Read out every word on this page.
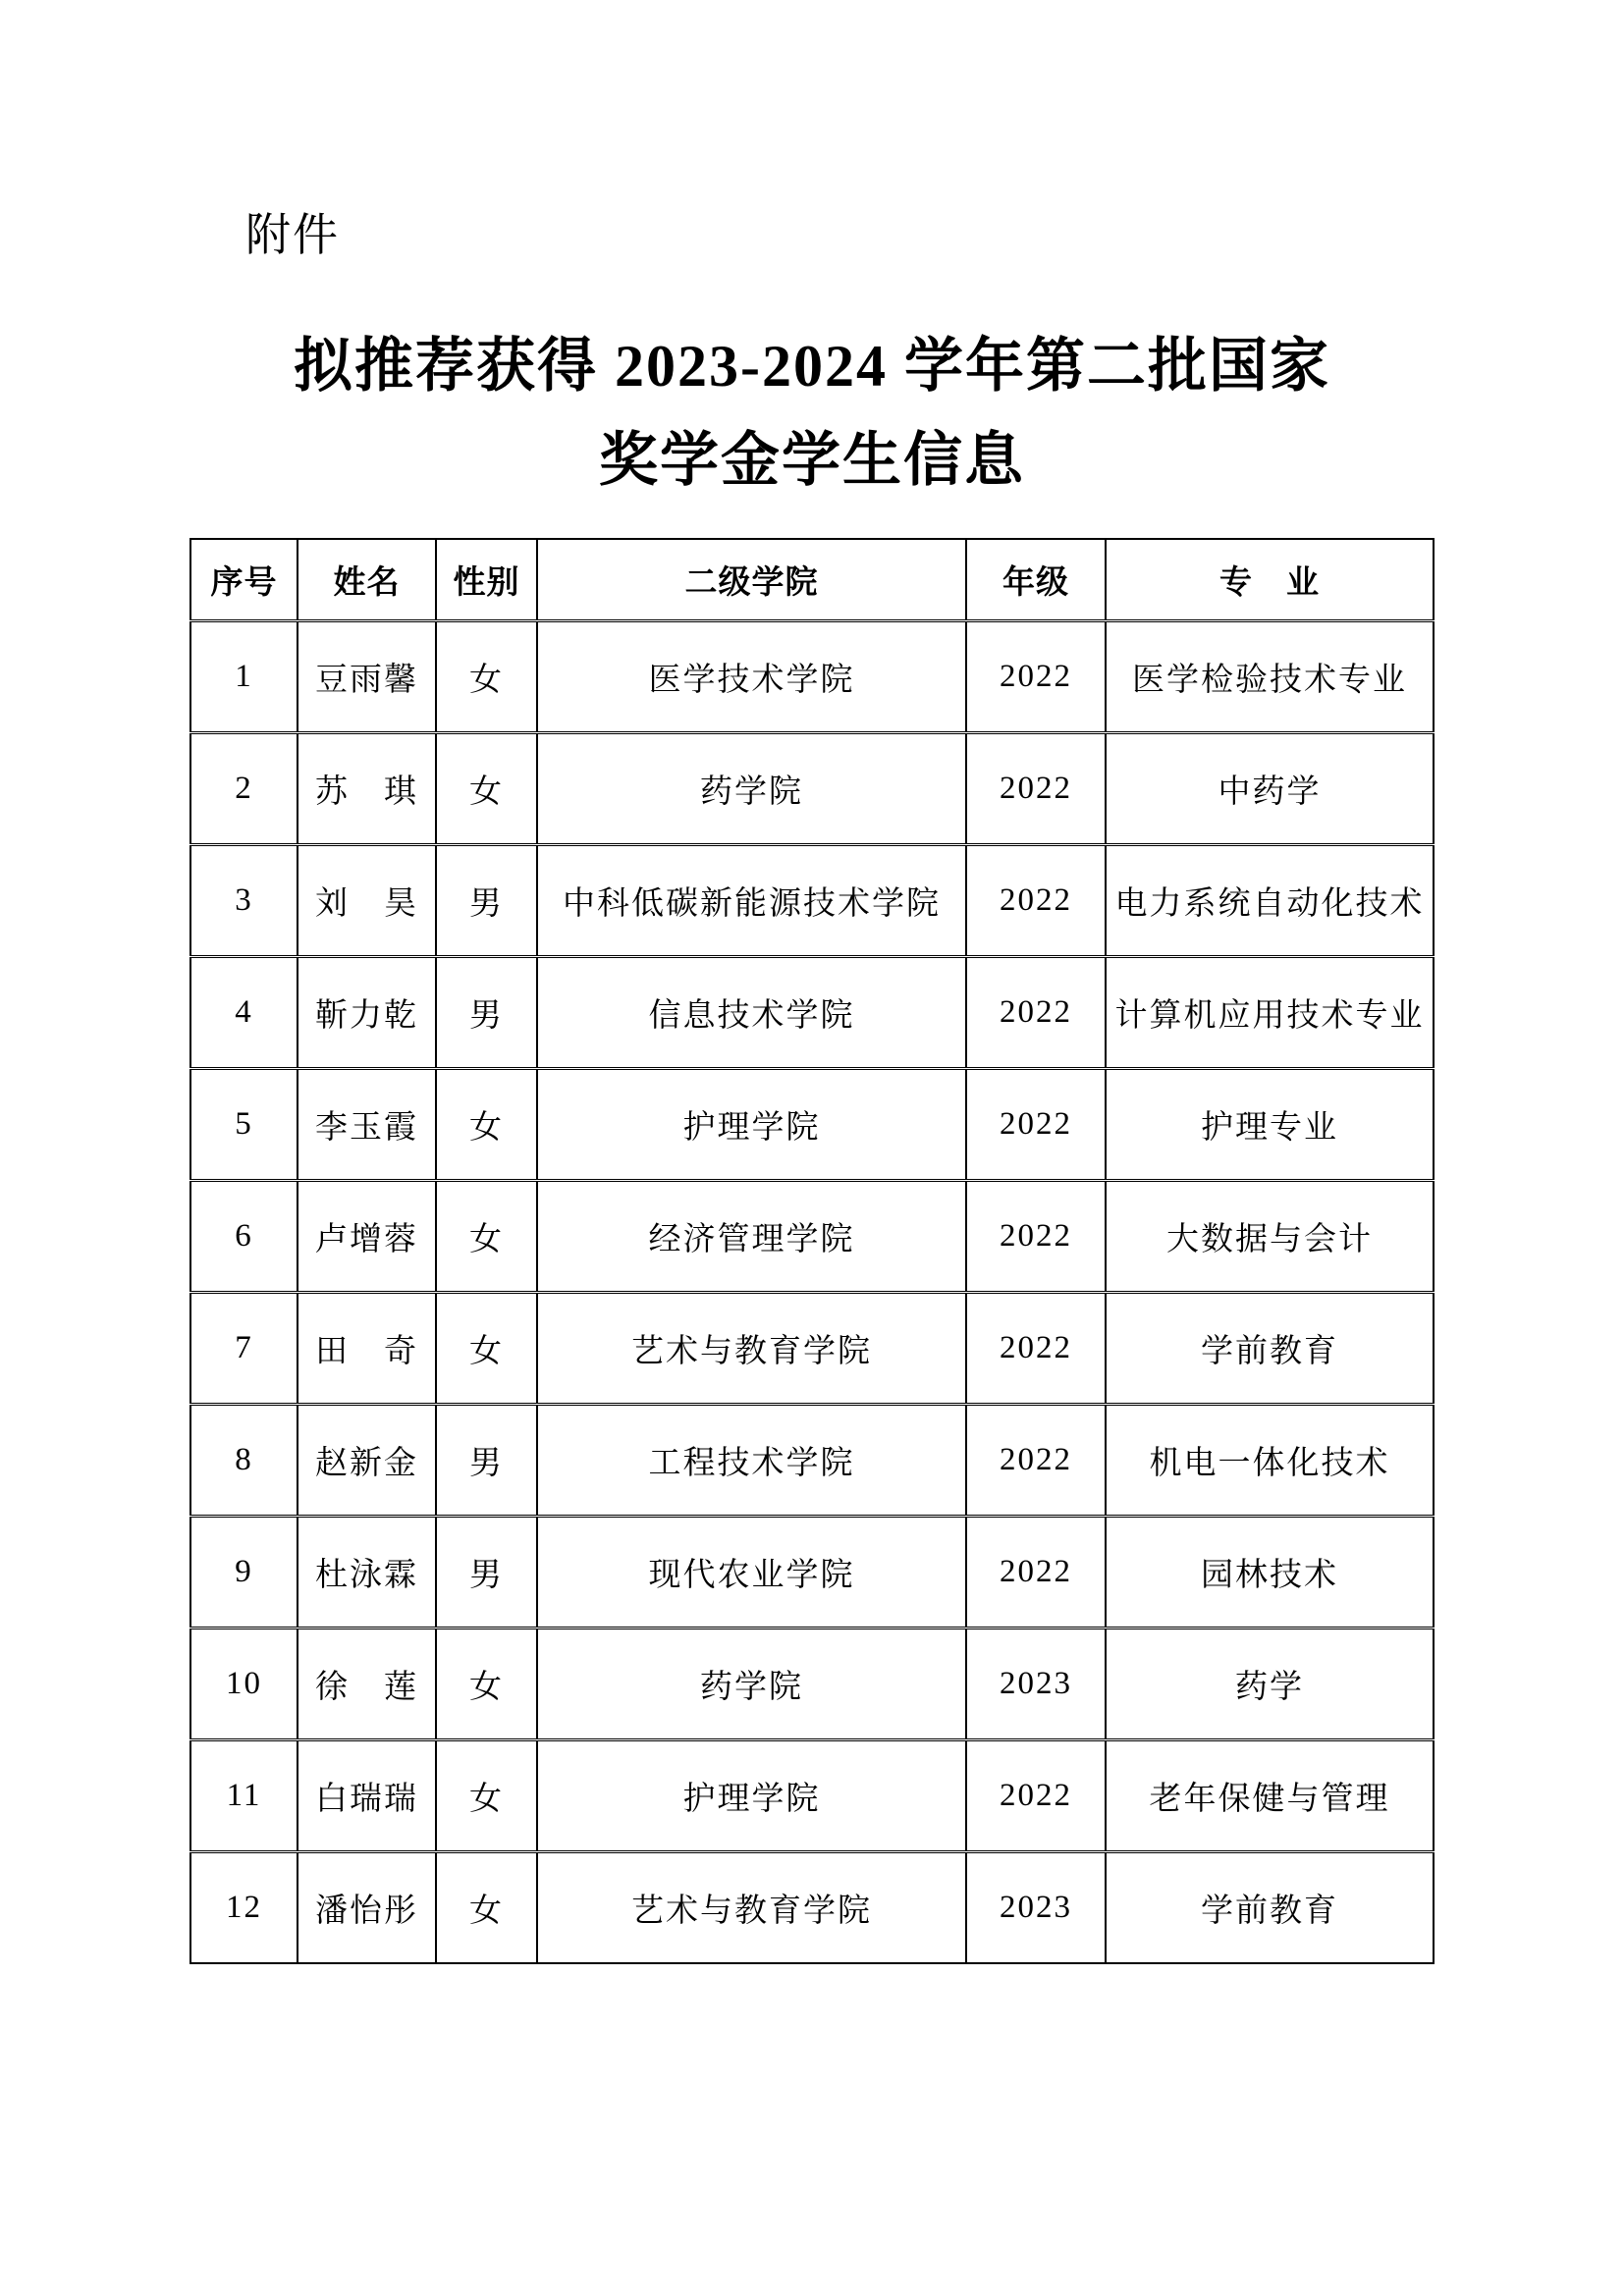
附件
拟推荐获得 2023-2024 学年第二批国家
奖学金学生信息
序号	姓名	性别	二级学院	年级	专　业
1	豆雨馨	女	医学技术学院	2022	医学检验技术专业
2	苏　琪	女	药学院	2022	中药学
3	刘　昊	男	中科低碳新能源技术学院	2022	电力系统自动化技术
4	靳力乾	男	信息技术学院	2022	计算机应用技术专业
5	李玉霞	女	护理学院	2022	护理专业
6	卢增蓉	女	经济管理学院	2022	大数据与会计
7	田　奇	女	艺术与教育学院	2022	学前教育
8	赵新金	男	工程技术学院	2022	机电一体化技术
9	杜泳霖	男	现代农业学院	2022	园林技术
10	徐　莲	女	药学院	2023	药学
11	白瑞瑞	女	护理学院	2022	老年保健与管理
12	潘怡彤	女	艺术与教育学院	2023	学前教育
